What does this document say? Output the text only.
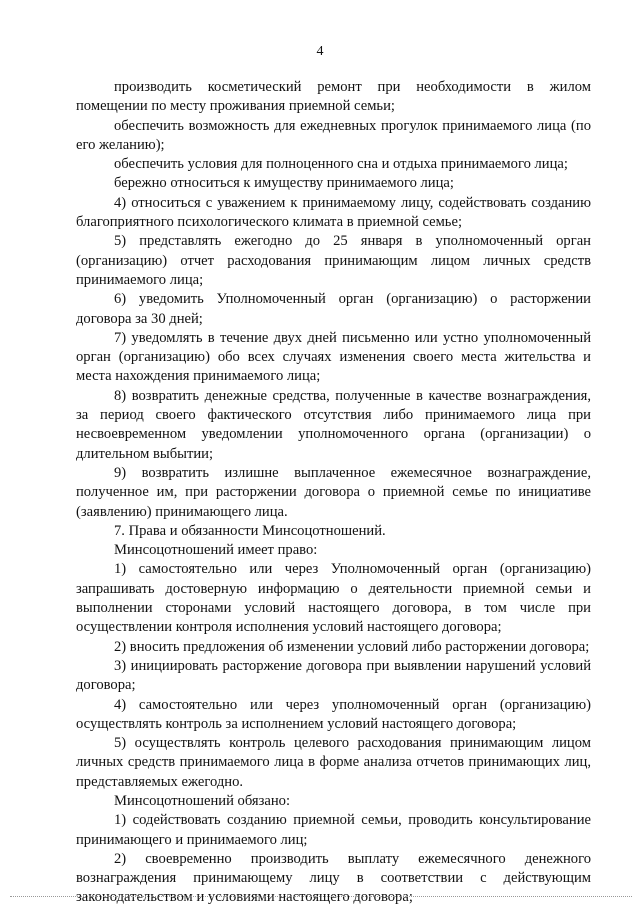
4

производить косметический ремонт при необходимости в жилом помещении по месту проживания приемной семьи;

обеспечить возможность для ежедневных прогулок принимаемого лица (по его желанию);

обеспечить условия для полноценного сна и отдыха принимаемого лица;

бережно относиться к имуществу принимаемого лица;

4) относиться с уважением к принимаемому лицу, содействовать созданию благоприятного психологического климата в приемной семье;

5) представлять ежегодно до 25 января в уполномоченный орган (организацию) отчет расходования принимающим лицом личных средств принимаемого лица;

6) уведомить Уполномоченный орган (организацию) о расторжении договора за 30 дней;

7) уведомлять в течение двух дней письменно или устно уполномоченный орган (организацию) обо всех случаях изменения своего места жительства и места нахождения принимаемого лица;

8) возвратить денежные средства, полученные в качестве вознаграждения, за период своего фактического отсутствия либо принимаемого лица при несвоевременном уведомлении уполномоченного органа (организации) о длительном выбытии;

9) возвратить излишне выплаченное ежемесячное вознаграждение, полученное им, при расторжении договора о приемной семье по инициативе (заявлению) принимающего лица.

7. Права и обязанности Минсоцотношений.

Минсоцотношений имеет право:

1) самостоятельно или через Уполномоченный орган (организацию) запрашивать достоверную информацию о деятельности приемной семьи и выполнении сторонами условий настоящего договора, в том числе при осуществлении контроля исполнения условий настоящего договора;

2) вносить предложения об изменении условий либо расторжении договора;

3) инициировать расторжение договора при выявлении нарушений условий договора;

4) самостоятельно или через уполномоченный орган (организацию) осуществлять контроль за исполнением условий настоящего договора;

5) осуществлять контроль целевого расходования принимающим лицом личных средств принимаемого лица в форме анализа отчетов принимающих лиц, представляемых ежегодно.

Минсоцотношений обязано:

1) содействовать созданию приемной семьи, проводить консультирование принимающего и принимаемого лиц;

2) своевременно производить выплату ежемесячного денежного вознаграждения принимающему лицу в соответствии с действующим законодательством и условиями настоящего договора;
